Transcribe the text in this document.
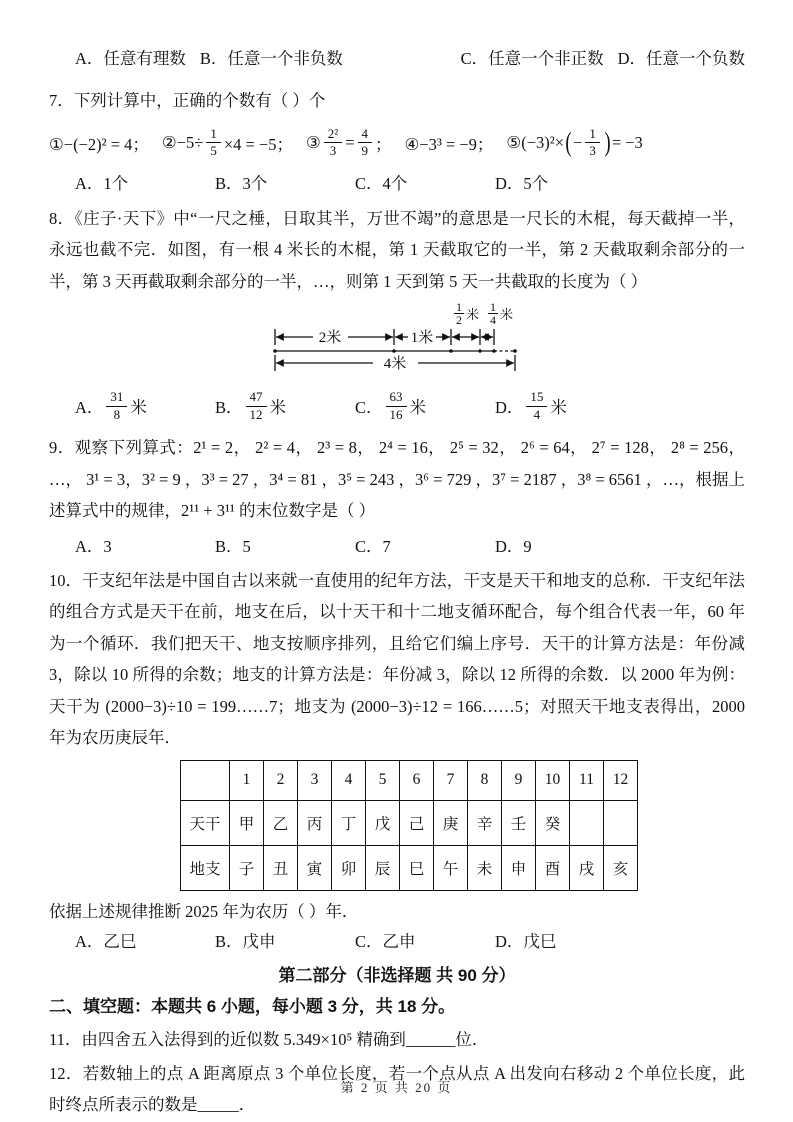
A．任意有理数 B．任意一个非负数	C．任意一个非正数 D．任意一个负数

7．下列计算中，正确的个数有（ ）个

①−(−2)² = 4； ②−5÷ $\frac{1}{5} \times 4 = -5$； ③ $\frac{\text{2²}}{3} = \frac{4}{9}$ ； ④−3³ = −9； ⑤(−3)²× ( − $\frac{1}{3}$ ) = −3
A．1个	B．3个	C．4个	D．5个

8．《庄子·天下》中“一尺之棰，日取其半，万世不竭”的意思是一尺长的木棍，每天截掉一半，永远也截不完．如图，有一根 4 米长的木棍，第 1 天截取它的一半，第 2 天截取剩余部分的一半，第 3 天再截取剩余部分的一半，…，则第 1 天到第 5 天一共截取的长度为（ ）

1
2 米 1
4 米
2米	1米
4米
A． $\frac{31}{8}$ 米	B． $\frac{47}{12}$ 米	C． $\frac{63}{16}$ 米	D． $\frac{15}{4}$ 米

9．观察下列算式：2¹ = 2， 2² = 4， 2³ = 8， 2⁴ = 16， 2⁵ = 32， 2⁶ = 64， 2⁷ = 128， 2⁸ = 256， …， 3¹ = 3，3² = 9 ，3³ = 27 ，3⁴ = 81 ，3⁵ = 243 ，3⁶ = 729 ，3⁷ = 2187 ，3⁸ = 6561 ，…，根据上述算式中的规律，2¹¹ + 3¹¹ 的末位数字是（ ）

A．3	B．5	C．7	D．9

10．干支纪年法是中国自古以来就一直使用的纪年方法，干支是天干和地支的总称．干支纪年法的组合方式是天干在前，地支在后，以十天干和十二地支循环配合，每个组合代表一年，60 年为一个循环．我们把天干、地支按顺序排列，且给它们编上序号．天干的计算方法是：年份减 3，除以 10 所得的余数；地支的计算方法是：年份减 3，除以 12 所得的余数．以 2000 年为例：天干为 (2000−3)÷10 = 199……7；地支为 (2000−3)÷12 = 166……5；对照天干地支表得出，2000 年为农历庚辰年．

	1	2	3	4	5	6	7	8	9	10	11	12
天干	甲	乙	丙	丁	戊	己	庚	辛	壬	癸		
地支	子	丑	寅	卯	辰	巳	午	未	申	酉	戌	亥

依据上述规律推断 2025 年为农历（ ）年．

A．乙巳	B．戊申	C．乙申	D．戊巳
第二部分（非选择题 共 90 分）
二、填空题：本题共 6 小题，每小题 3 分，共 18 分。

11．由四舍五入法得到的近似数 5.349×10⁵ 精确到______位．

12．若数轴上的点 A 距离原点 3 个单位长度，若一个点从点 A 出发向右移动 2 个单位长度，此时终点所表示的数是_____．

第 2 页 共 20 页
